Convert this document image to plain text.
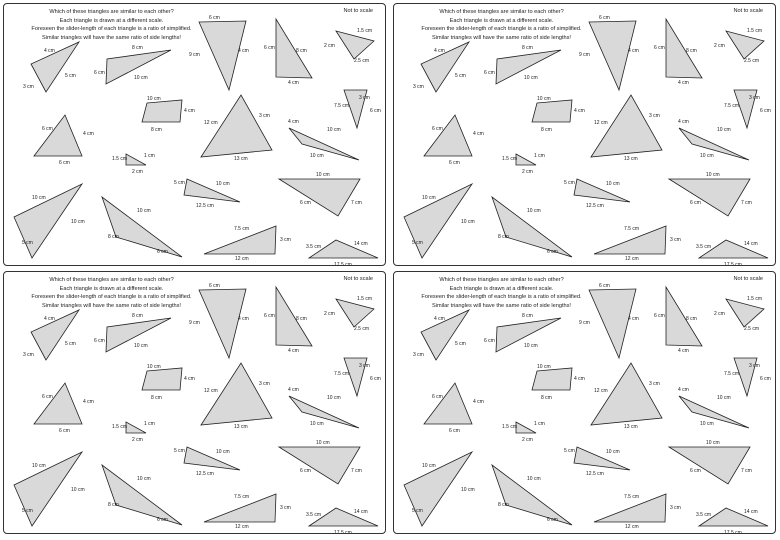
Which of these triangles are similar to each other?
Each triangle is drawn at a different scale.
Foreseen the slider-length of each triangle is a ratio of simplified.
Similar triangles will have the same ratio of side lengths!
Not to scale
4 cm
5 cm
3 cm
8 cm
6 cm
10 cm
6 cm
9 cm
4 cm	6 cm	8 cm
4 cm
2 cm
2.5 cm
1.5 cm
10 cm
4 cm
8 cm
6 cm
4 cm
6 cm
3 cm
7.5 cm
6 cm
12 cm
3 cm
13 cm
4 cm
10 cm
10 cm
1.5 cm
2 cm
1 cm
5 cm	10 cm
12.5 cm
10 cm
6 cm	7 cm
10 cm
10 cm
5 cm
10 cm
8 cm
6 cm
7.5 cm
3 cm
12 cm
3.5 cm	14 cm
17.5 cm
Which of these triangles are similar to each other?
Each triangle is drawn at a different scale.
Foreseen the slider-length of each triangle is a ratio of simplified.
Similar triangles will have the same ratio of side lengths!
Not to scale
4 cm
5 cm
3 cm
8 cm
6 cm
10 cm
6 cm
9 cm
4 cm	6 cm	8 cm
4 cm
2 cm
2.5 cm
1.5 cm
10 cm
4 cm
8 cm
6 cm
4 cm
6 cm
3 cm
7.5 cm
6 cm
12 cm
3 cm
13 cm
4 cm
10 cm
10 cm
1.5 cm
2 cm
1 cm
5 cm	10 cm
12.5 cm
10 cm
6 cm	7 cm
10 cm
10 cm
5 cm
10 cm
8 cm
6 cm
7.5 cm
3 cm
12 cm
3.5 cm	14 cm
17.5 cm
Which of these triangles are similar to each other?
Each triangle is drawn at a different scale.
Foreseen the slider-length of each triangle is a ratio of simplified.
Similar triangles will have the same ratio of side lengths!
Not to scale
4 cm
5 cm
3 cm
8 cm
6 cm
10 cm
6 cm
9 cm
4 cm	6 cm	8 cm
4 cm
2 cm
2.5 cm
1.5 cm
10 cm
4 cm
8 cm
6 cm
4 cm
6 cm
3 cm
7.5 cm
6 cm
12 cm
3 cm
13 cm
4 cm
10 cm
10 cm
1.5 cm
2 cm
1 cm
5 cm	10 cm
12.5 cm
10 cm
6 cm	7 cm
10 cm
10 cm
5 cm
10 cm
8 cm
6 cm
7.5 cm
3 cm
12 cm
3.5 cm	14 cm
17.5 cm
Which of these triangles are similar to each other?
Each triangle is drawn at a different scale.
Foreseen the slider-length of each triangle is a ratio of simplified.
Similar triangles will have the same ratio of side lengths!
Not to scale
4 cm
5 cm
3 cm
8 cm
6 cm
10 cm
6 cm
9 cm
4 cm	6 cm	8 cm
4 cm
2 cm
2.5 cm
1.5 cm
10 cm
4 cm
8 cm
6 cm
4 cm
6 cm
3 cm
7.5 cm
6 cm
12 cm
3 cm
13 cm
4 cm
10 cm
10 cm
1.5 cm
2 cm
1 cm
5 cm	10 cm
12.5 cm
10 cm
6 cm	7 cm
10 cm
10 cm
5 cm
10 cm
8 cm
6 cm
7.5 cm
3 cm
12 cm
3.5 cm	14 cm
17.5 cm
